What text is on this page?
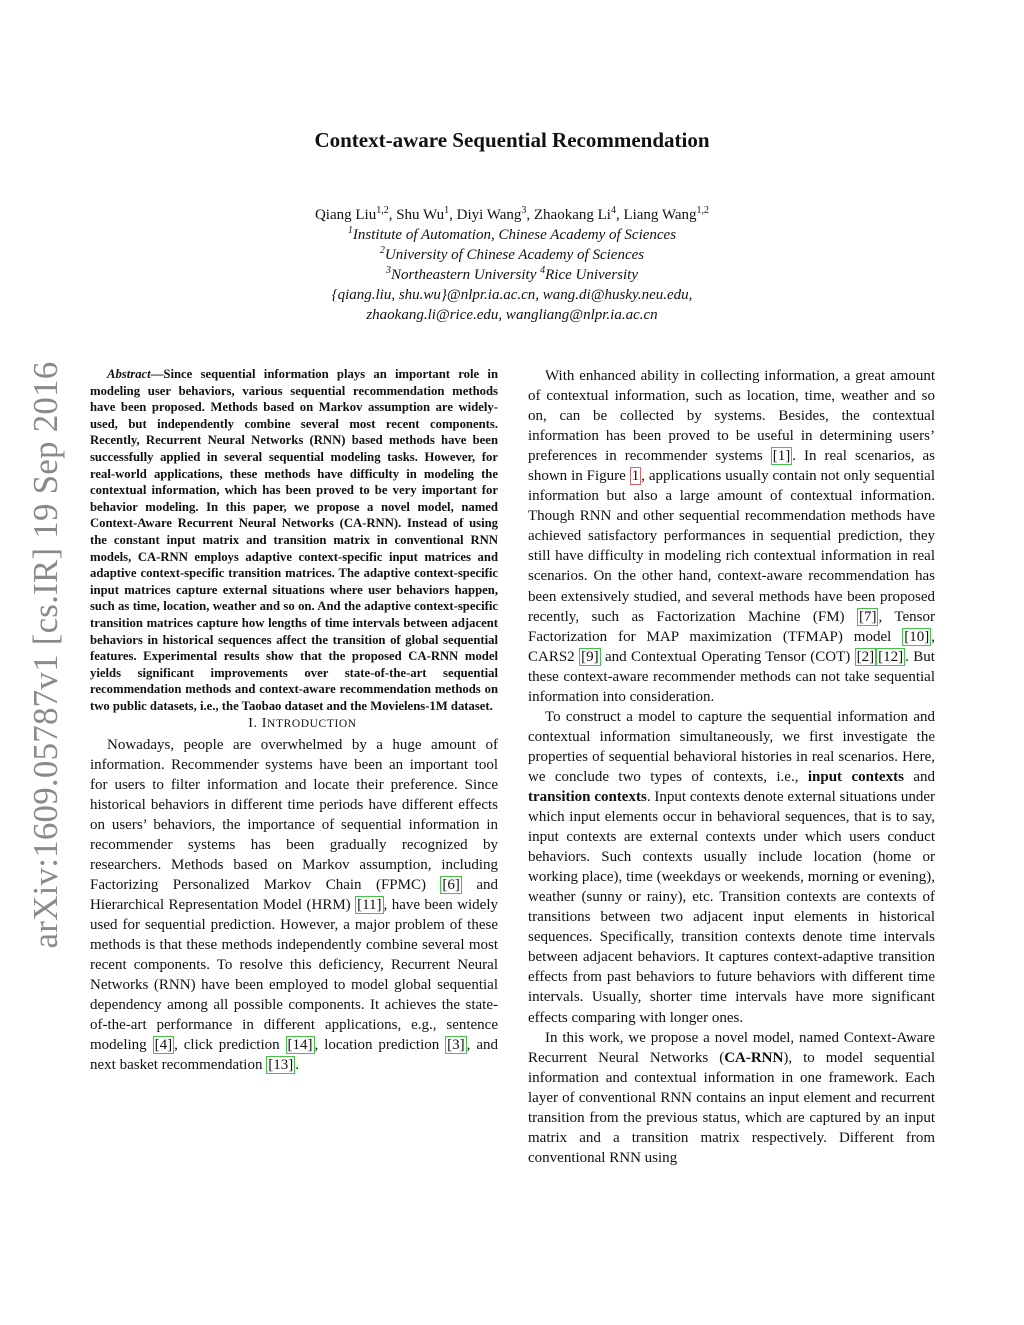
arXiv:1609.05787v1 [cs.IR] 19 Sep 2016
Context-aware Sequential Recommendation
Qiang Liu$^{1,2}$, Shu Wu$^1$, Diyi Wang$^3$, Zhaokang Li$^4$, Liang Wang$^{1,2}$
$^1$Institute of Automation, Chinese Academy of Sciences
$^2$University of Chinese Academy of Sciences
$^3$Northeastern University $^4$Rice University
{qiang.liu, shu.wu}@nlpr.ia.ac.cn, wang.di@husky.neu.edu,
zhaokang.li@rice.edu, wangliang@nlpr.ia.ac.cn

Abstract—Since sequential information plays an important role in modeling user behaviors, various sequential recommendation methods have been proposed. Methods based on Markov assumption are widely-used, but independently combine several most recent components. Recently, Recurrent Neural Networks (RNN) based methods have been successfully applied in several sequential modeling tasks. However, for real-world applications, these methods have difficulty in modeling the contextual information, which has been proved to be very important for behavior modeling. In this paper, we propose a novel model, named Context-Aware Recurrent Neural Networks (CA-RNN). Instead of using the constant input matrix and transition matrix in conventional RNN models, CA-RNN employs adaptive context-specific input matrices and adaptive context-specific transition matrices. The adaptive context-specific input matrices capture external situations where user behaviors happen, such as time, location, weather and so on. And the adaptive context-specific transition matrices capture how lengths of time intervals between adjacent behaviors in historical sequences affect the transition of global sequential features. Experimental results show that the proposed CA-RNN model yields significant improvements over state-of-the-art sequential recommendation methods and context-aware recommendation methods on two public datasets, i.e., the Taobao dataset and the Movielens-1M dataset.

I. INTRODUCTION

Nowadays, people are overwhelmed by a huge amount of information. Recommender systems have been an important tool for users to filter information and locate their preference. Since historical behaviors in different time periods have different effects on users’ behaviors, the importance of sequential information in recommender systems has been gradually recognized by researchers. Methods based on Markov assumption, including Factorizing Personalized Markov Chain (FPMC) [6] and Hierarchical Representation Model (HRM) [11] , have been widely used for sequential prediction. However, a major problem of these methods is that these methods independently combine several most recent components. To resolve this deficiency, Recurrent Neural Networks (RNN) have been employed to model global sequential dependency among all possible components. It achieves the state-of-the-art performance in different applications, e.g., sentence modeling [4] , click prediction [14] , location prediction [3] , and next basket recommendation [13] .

With enhanced ability in collecting information, a great amount of contextual information, such as location, time, weather and so on, can be collected by systems. Besides, the contextual information has been proved to be useful in determining users’ preferences in recommender systems [1] . In real scenarios, as shown in Figure 1 , applications usually contain not only sequential information but also a large amount of contextual information. Though RNN and other sequential recommendation methods have achieved satisfactory performances in sequential prediction, they still have difficulty in modeling rich contextual information in real scenarios. On the other hand, context-aware recommendation has been extensively studied, and several methods have been proposed recently, such as Factorization Machine (FM) [7] , Tensor Factorization for MAP maximization (TFMAP) model [10] , CARS2 [9] and Contextual Operating Tensor (COT) [2] [12] . But these context-aware recommender methods can not take sequential information into consideration.

To construct a model to capture the sequential information and contextual information simultaneously, we first investigate the properties of sequential behavioral histories in real scenarios. Here, we conclude two types of contexts, i.e., input contexts and transition contexts. Input contexts denote external situations under which input elements occur in behavioral sequences, that is to say, input contexts are external contexts under which users conduct behaviors. Such contexts usually include location (home or working place), time (weekdays or weekends, morning or evening), weather (sunny or rainy), etc. Transition contexts are contexts of transitions between two adjacent input elements in historical sequences. Specifically, transition contexts denote time intervals between adjacent behaviors. It captures context-adaptive transition effects from past behaviors to future behaviors with different time intervals. Usually, shorter time intervals have more significant effects comparing with longer ones.

In this work, we propose a novel model, named Context-Aware Recurrent Neural Networks (CA-RNN), to model sequential information and contextual information in one framework. Each layer of conventional RNN contains an input element and recurrent transition from the previous status, which are captured by an input matrix and a transition matrix respectively. Different from conventional RNN using
